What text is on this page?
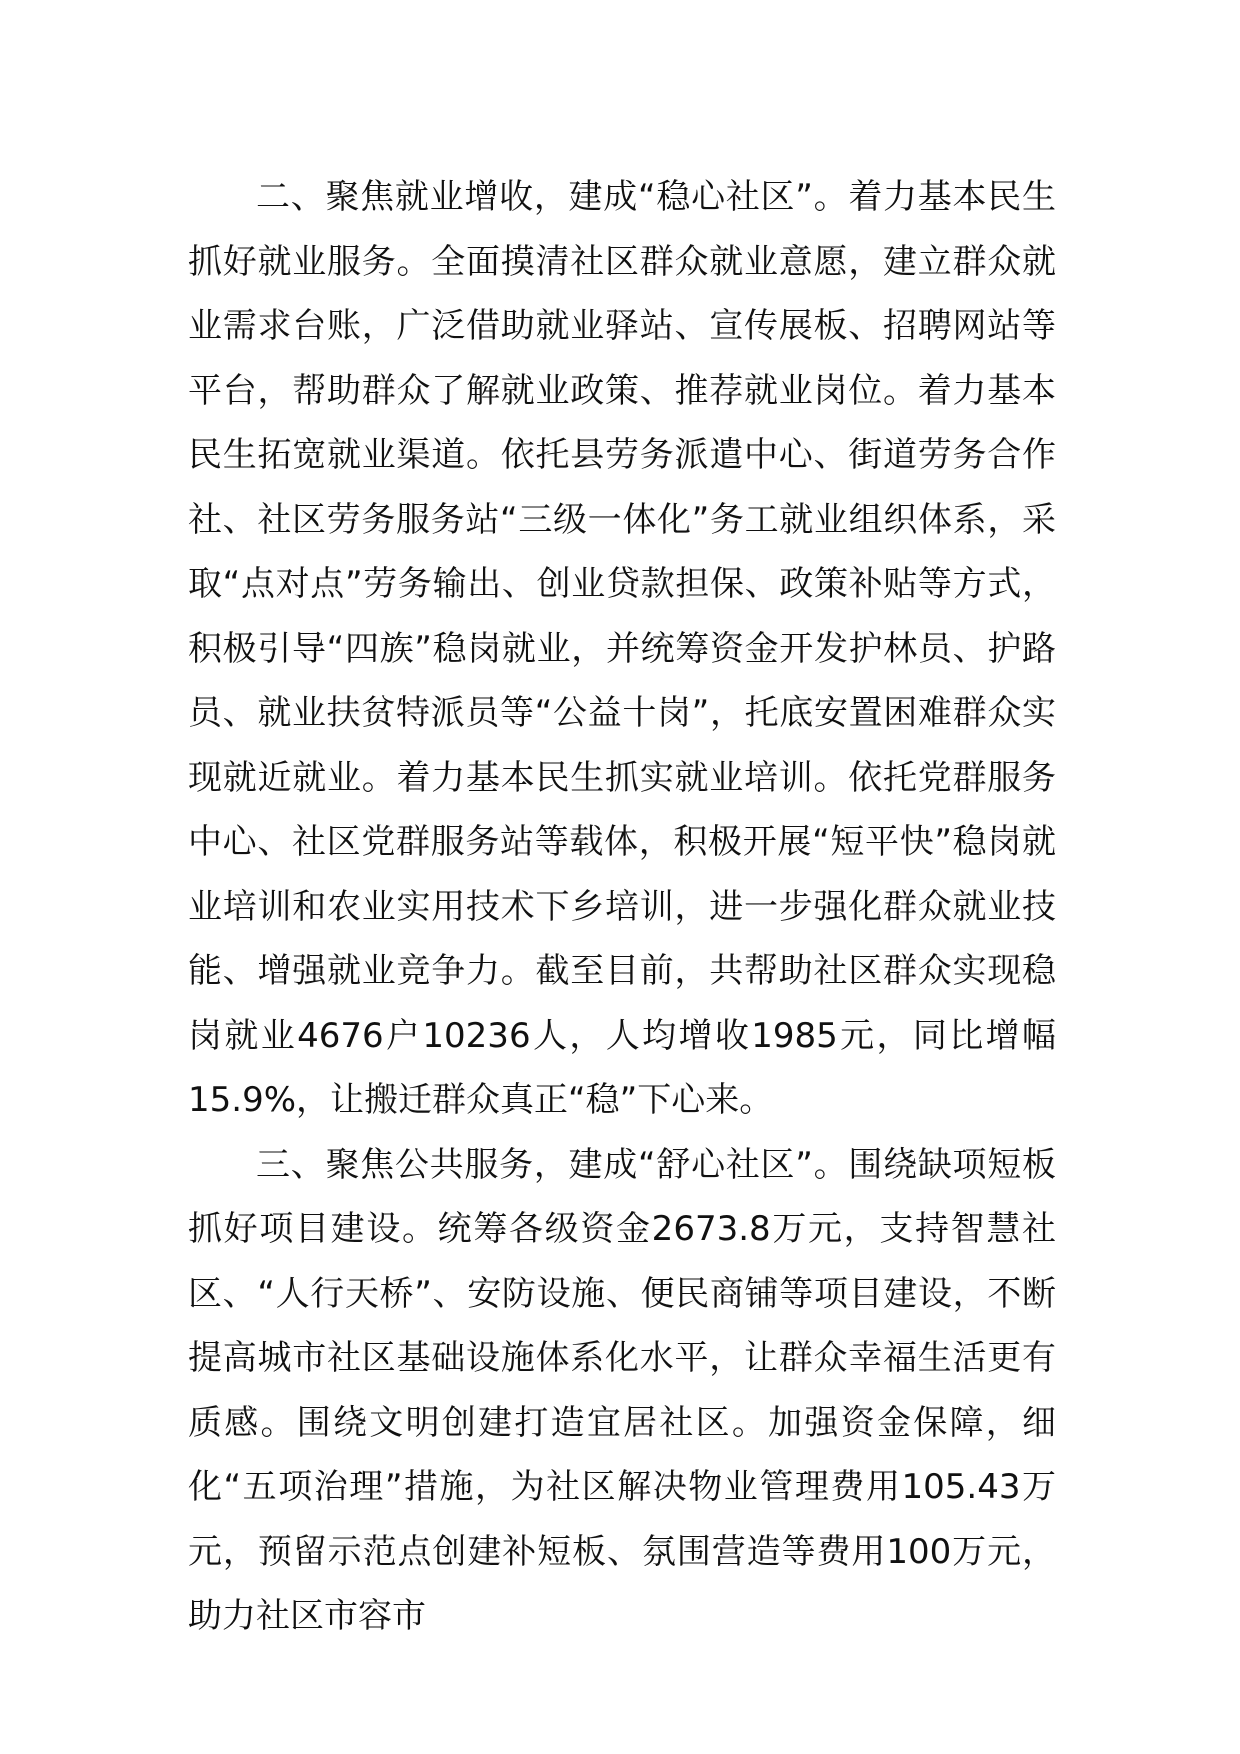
二、聚焦就业增收，建成“稳心社区”。着力基本民生抓好就业服务。全面摸清社区群众就业意愿，建立群众就业需求台账，广泛借助就业驿站、宣传展板、招聘网站等平台，帮助群众了解就业政策、推荐就业岗位。着力基本民生拓宽就业渠道。依托县劳务派遣中心、街道劳务合作社、社区劳务服务站“三级一体化”务工就业组织体系，采取“点对点”劳务输出、创业贷款担保、政策补贴等方式，积极引导“四族”稳岗就业，并统筹资金开发护林员、护路员、就业扶贫特派员等“公益十岗”，托底安置困难群众实现就近就业。着力基本民生抓实就业培训。依托党群服务中心、社区党群服务站等载体，积极开展“短平快”稳岗就业培训和农业实用技术下乡培训，进一步强化群众就业技能、增强就业竞争力。截至目前，共帮助社区群众实现稳岗就业4676户10236人，人均增收1985元，同比增幅15.9%，让搬迁群众真正“稳”下心来。

三、聚焦公共服务，建成“舒心社区”。围绕缺项短板抓好项目建设。统筹各级资金2673.8万元，支持智慧社区、“人行天桥”、安防设施、便民商铺等项目建设，不断提高城市社区基础设施体系化水平，让群众幸福生活更有质感。围绕文明创建打造宜居社区。加强资金保障，细化“五项治理”措施，为社区解决物业管理费用105.43万元，预留示范点创建补短板、氛围营造等费用100万元，助力社区市容市
